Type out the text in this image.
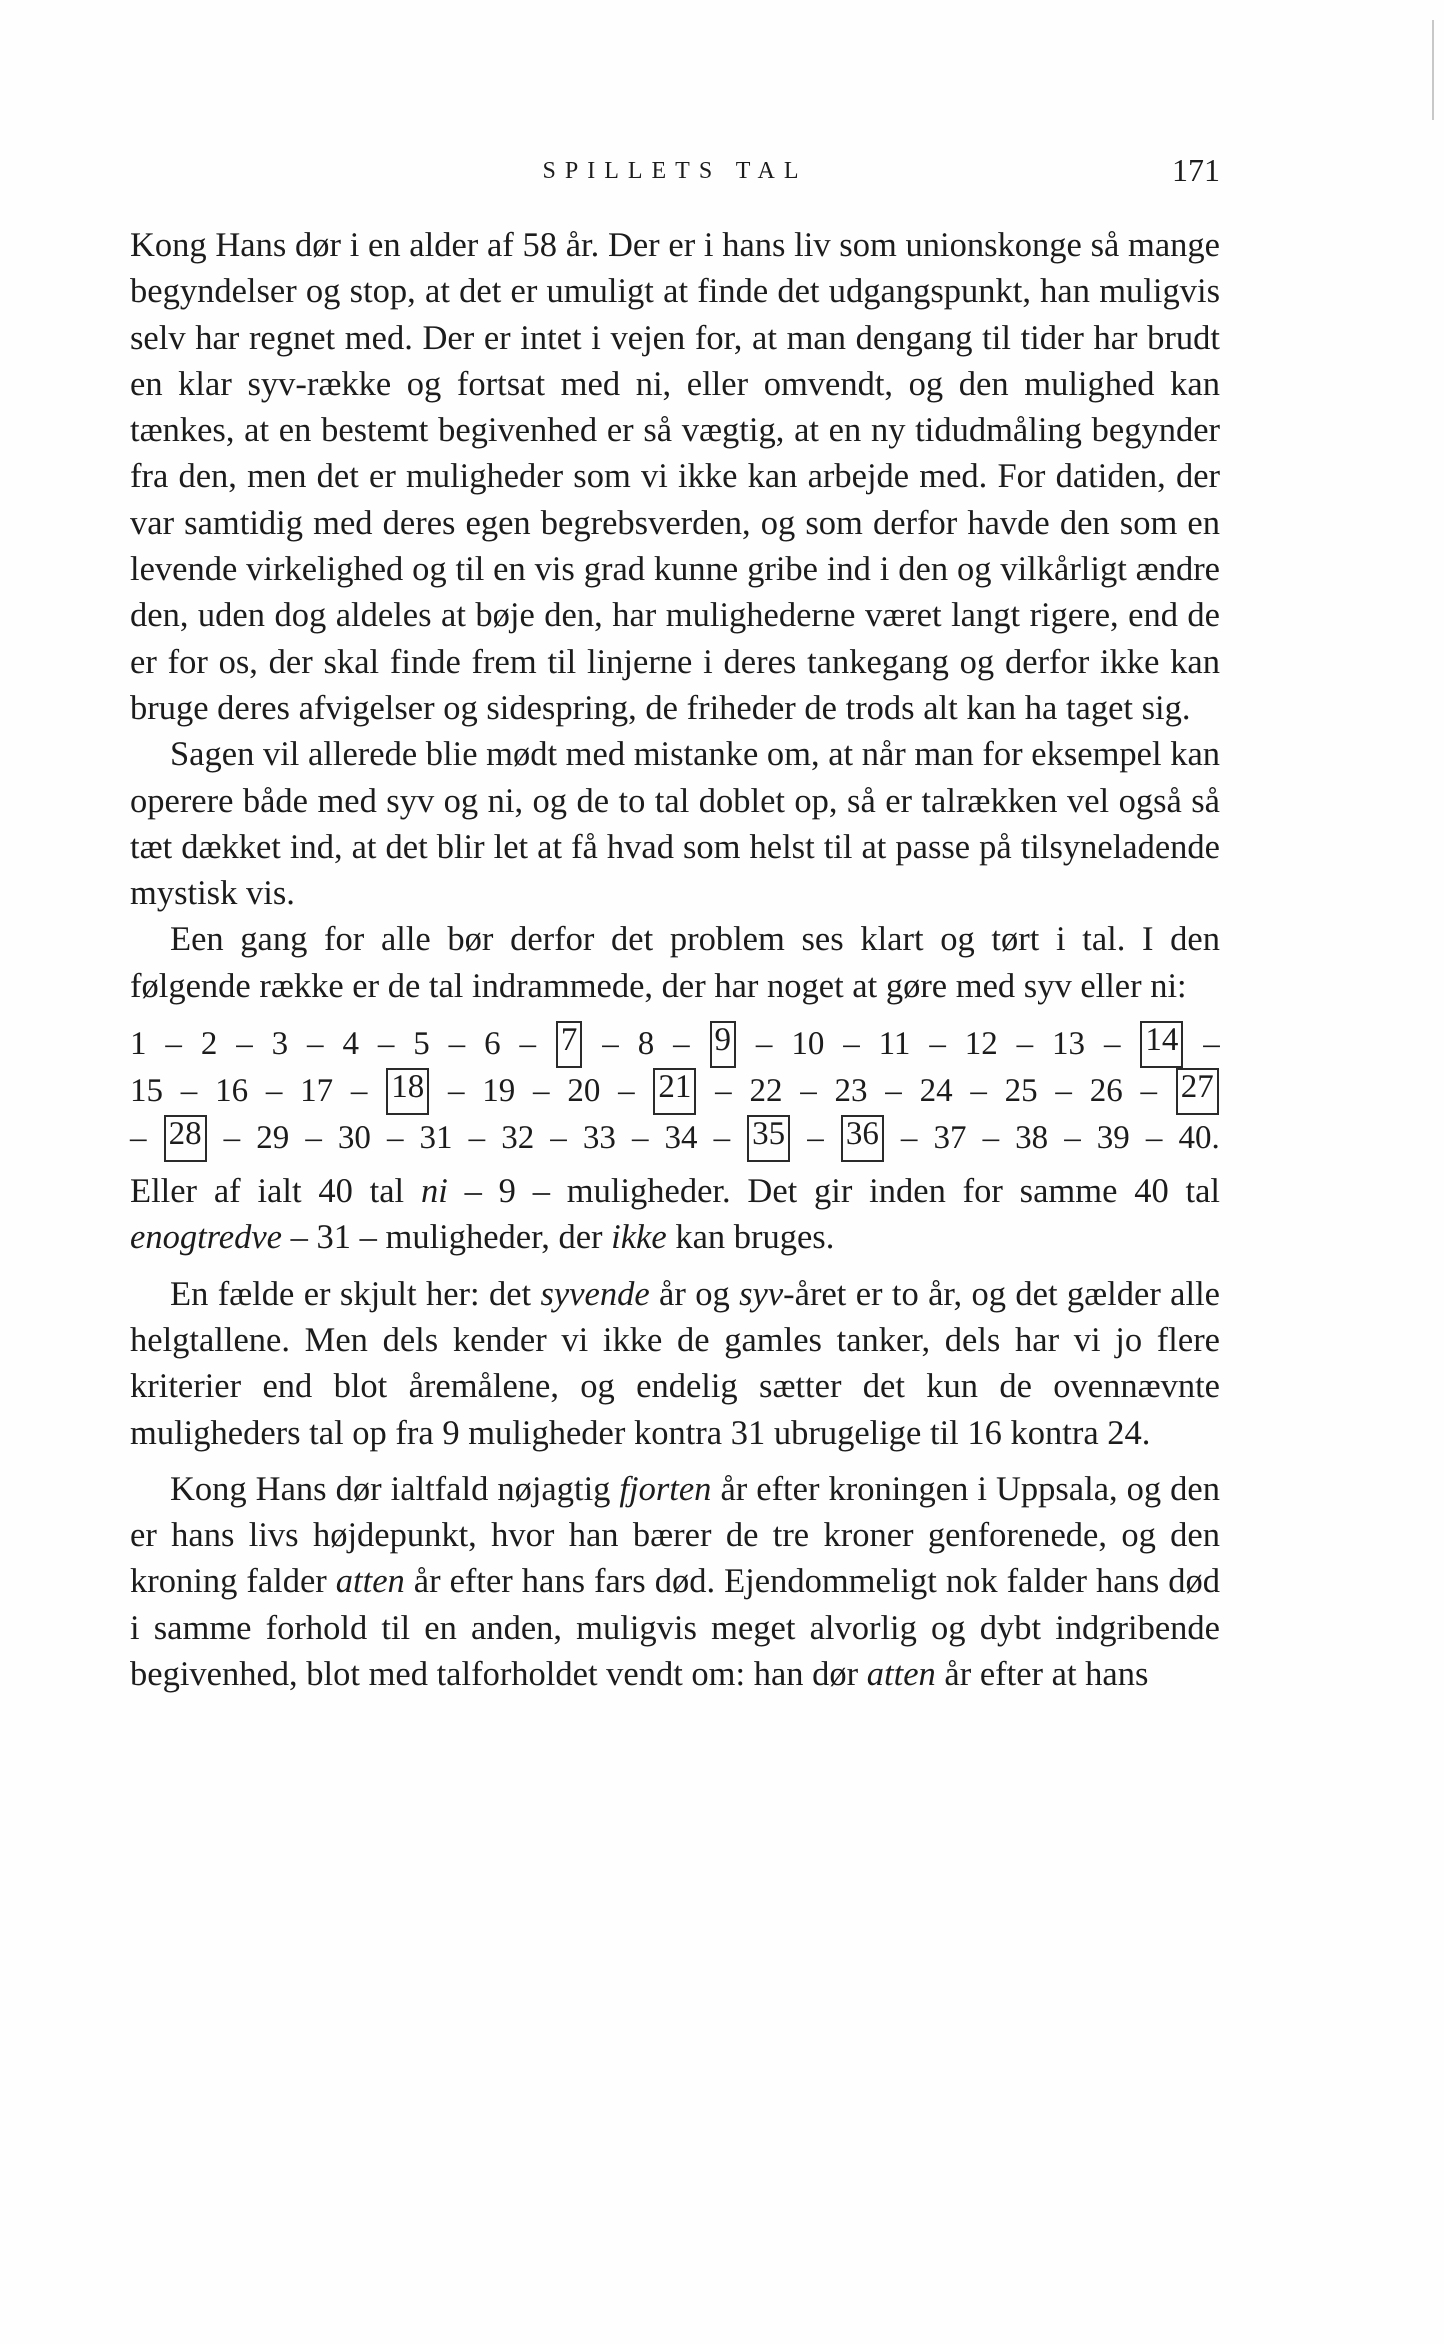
SPILLETS TAL	171

Kong Hans dør i en alder af 58 år. Der er i hans liv som unionskonge så mange begyndelser og stop, at det er umuligt at finde det udgangspunkt, han muligvis selv har regnet med. Der er intet i vejen for, at man dengang til tider har brudt en klar syv-række og fortsat med ni, eller omvendt, og den mulighed kan tænkes, at en bestemt begivenhed er så vægtig, at en ny tidudmåling begynder fra den, men det er muligheder som vi ikke kan arbejde med. For datiden, der var samtidig med deres egen begrebsverden, og som derfor havde den som en levende virkelighed og til en vis grad kunne gribe ind i den og vilkårligt ændre den, uden dog aldeles at bøje den, har mulighederne været langt rigere, end de er for os, der skal finde frem til linjerne i deres tankegang og derfor ikke kan bruge deres afvigelser og sidespring, de friheder de trods alt kan ha taget sig.

Sagen vil allerede blie mødt med mistanke om, at når man for eksempel kan operere både med syv og ni, og de to tal doblet op, så er talrækken vel også så tæt dækket ind, at det blir let at få hvad som helst til at passe på tilsyneladende mystisk vis.

Een gang for alle bør derfor det problem ses klart og tørt i tal. I den følgende række er de tal indrammede, der har noget at gøre med syv eller ni:

1 – 2 – 3 – 4 – 5 – 6 – 7 – 8 – 9 – 10 – 11 – 12 – 13 – 14 –
15 – 16 – 17 – 18 – 19 – 20 – 21 – 22 – 23 – 24 – 25 – 26 – 27
– 28 – 29 – 30 – 31 – 32 – 33 – 34 – 35 – 36 – 37 – 38 – 39 – 40.

Eller af ialt 40 tal ni – 9 – muligheder. Det gir inden for samme 40 tal enogtredve – 31 – muligheder, der ikke kan bruges.

En fælde er skjult her: det syvende år og syv-året er to år, og det gælder alle helgtallene. Men dels kender vi ikke de gamles tanker, dels har vi jo flere kriterier end blot åremålene, og endelig sætter det kun de ovennævnte muligheders tal op fra 9 muligheder kontra 31 ubrugelige til 16 kontra 24.

Kong Hans dør ialtfald nøjagtig fjorten år efter kroningen i Uppsala, og den er hans livs højdepunkt, hvor han bærer de tre kroner genforenede, og den kroning falder atten år efter hans fars død. Ejendommeligt nok falder hans død i samme forhold til en anden, muligvis meget alvorlig og dybt indgribende begivenhed, blot med talforholdet vendt om: han dør atten år efter at hans
